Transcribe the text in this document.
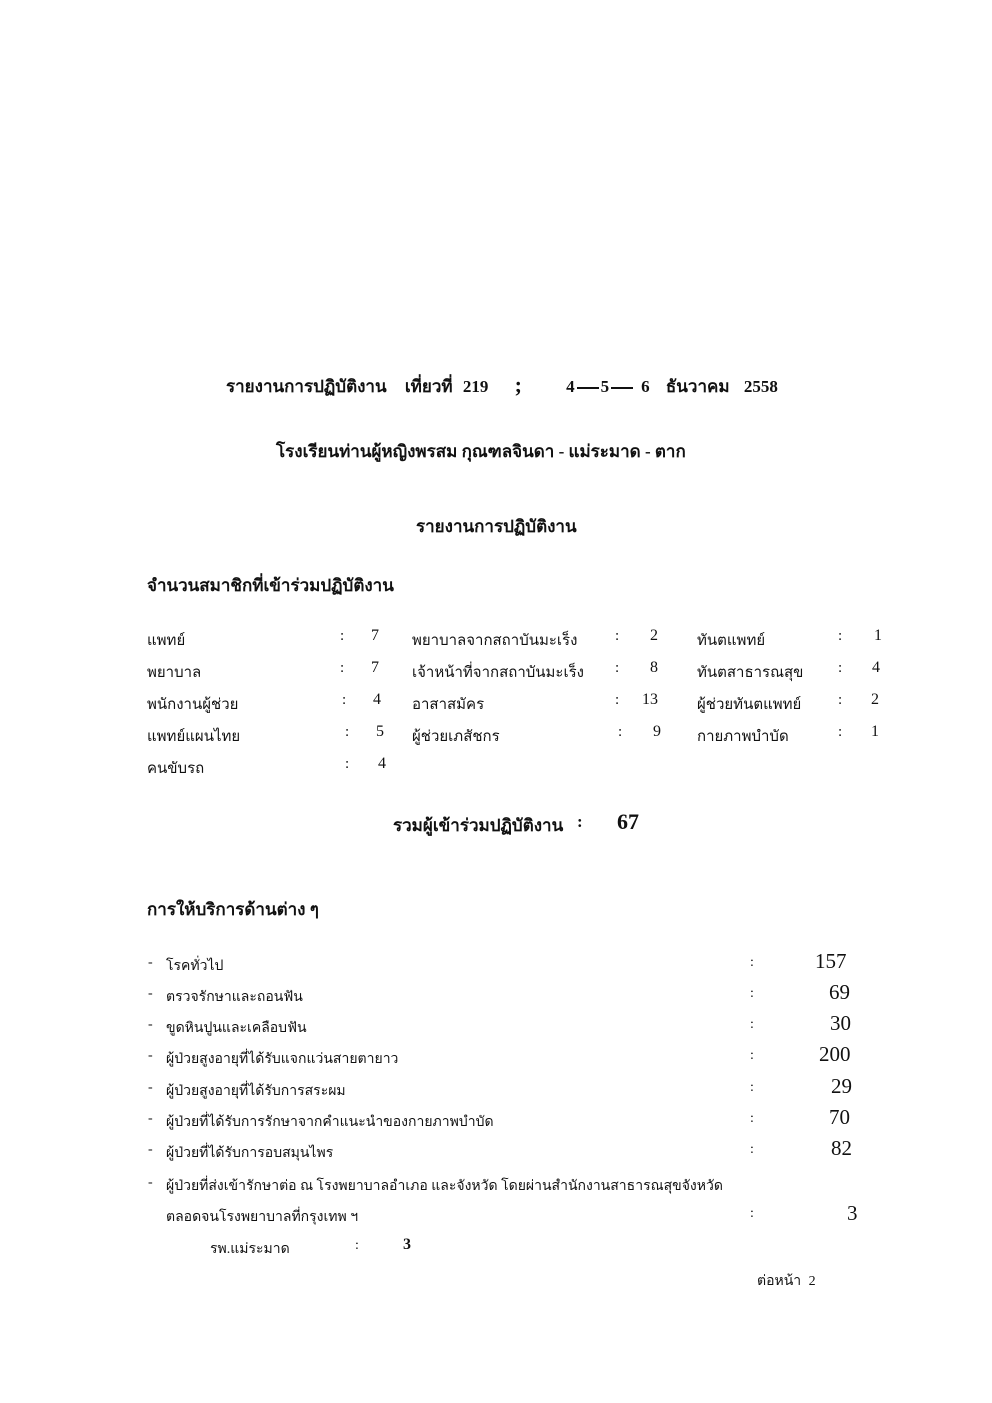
รายงานการปฏิบัติงาน เที่ยวที่ 219 ;	4 5 6 ธันวาคม 2558
โรงเรียนท่านผู้หญิงพรสม กุณฑลจินดา - แม่ระมาด - ตาก
รายงานการปฏิบัติงาน
จำนวนสมาชิกที่เข้าร่วมปฏิบัติงาน
แพทย์	: 7 พยาบาลจากสถาบันมะเร็ง	: 2	ทันตแพทย์	: 1
พยาบาล	: 7 เจ้าหน้าที่จากสถาบันมะเร็ง : 8	ทันตสาธารณสุข : 4
พนักงานผู้ช่วย	: 4 อาสาสมัคร	: 13	ผู้ช่วยทันตแพทย์ : 2
แพทย์แผนไทย	: 5 ผู้ช่วยเภสัชกร	: 9 กายภาพบำบัด	: 1
คนขับรถ	: 4
รวมผู้เข้าร่วมปฏิบัติงาน : 67
การให้บริการด้านต่าง ๆ
- โรคทั่วไป	:	157
- ตรวจรักษาและถอนฟัน	:	69
- ขูดหินปูนและเคลือบฟัน	:	30
- ผู้ป่วยสูงอายุที่ได้รับแจกแว่นสายตายาว	:	200
- ผู้ป่วยสูงอายุที่ได้รับการสระผม	:	29
- ผู้ป่วยที่ได้รับการรักษาจากคำแนะนำของกายภาพบำบัด	:	70
- ผู้ป่วยที่ได้รับการอบสมุนไพร	:	82
- ผู้ป่วยที่ส่งเข้ารักษาต่อ ณ โรงพยาบาลอำเภอ และจังหวัด โดยผ่านสำนักงานสาธารณสุขจังหวัด
ตลอดจนโรงพยาบาลที่กรุงเทพ ฯ	:	3
รพ.แม่ระมาด	:	3
ต่อหน้า 2
